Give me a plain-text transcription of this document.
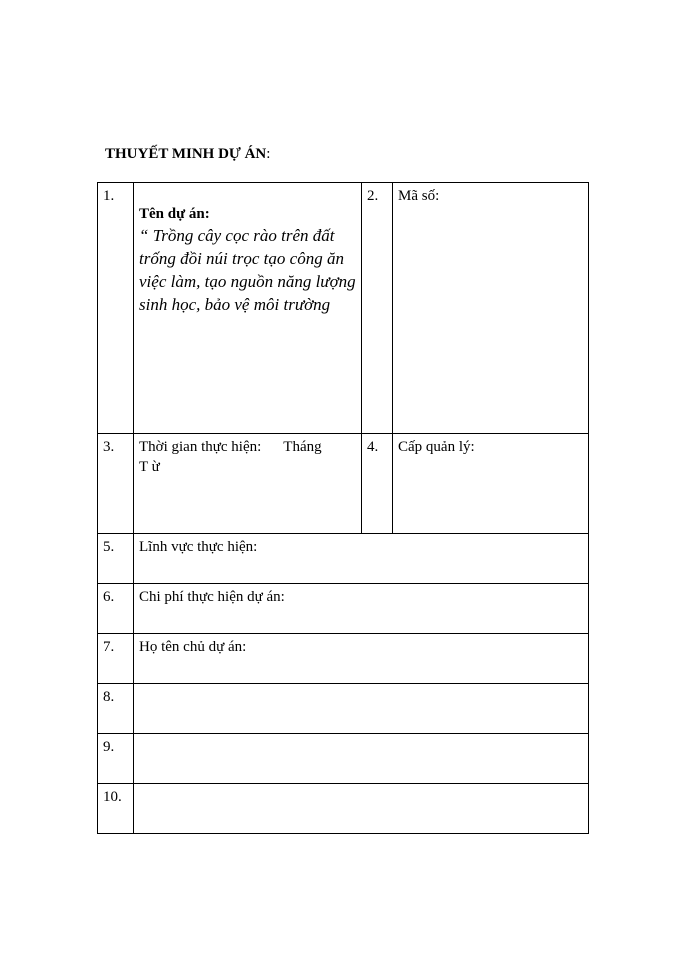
THUYẾT MINH DỰ ÁN:
1.	Tên dự án:
“ Trồng cây cọc rào trên đất trống đồi núi trọc tạo công ăn việc làm, tạo nguồn năng lượng sinh học, bảo vệ môi trường	2.	Mã số:
3.	Thời gian thực hiện: Tháng
T ừ	4.	Cấp quản lý:
5.	Lĩnh vực thực hiện:		
6.	Chi phí thực hiện dự án:		
7.	Họ tên chủ dự án:		
8.			
9.			
10.			
